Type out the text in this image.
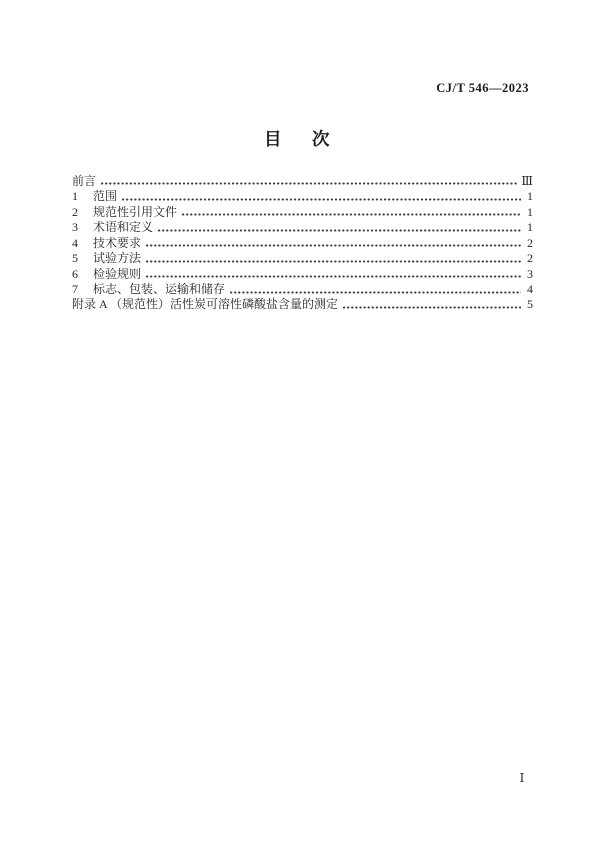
CJ/T 546—2023
目　次
前言	Ⅲ
1	范围	1
2	规范性引用文件	1
3	术语和定义	1
4	技术要求	2
5	试验方法	2
6	检验规则	3
7	标志、包装、运输和储存	4
附录 A （规范性）活性炭可溶性磷酸盐含量的测定	5
Ⅰ
